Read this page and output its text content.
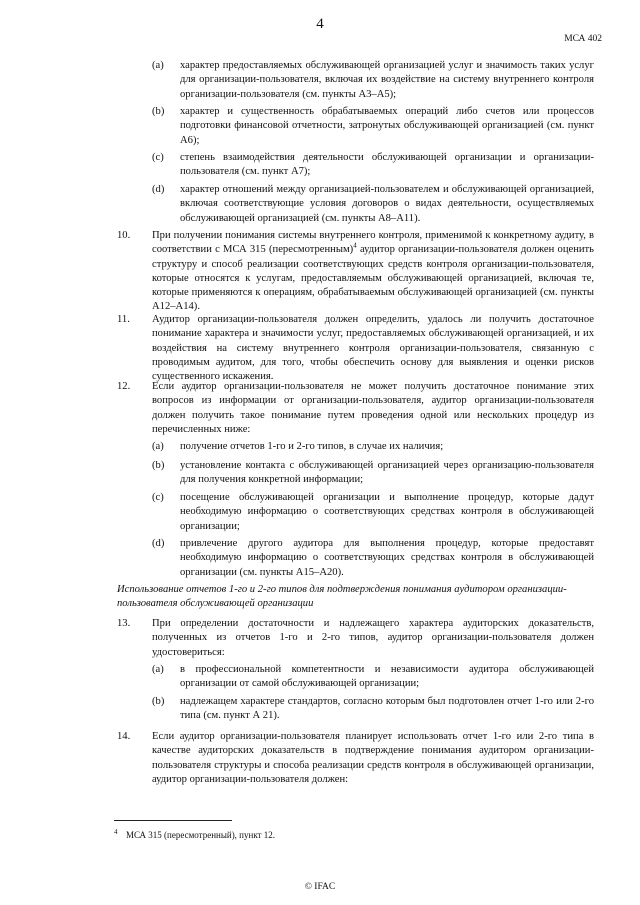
4
МСА 402
(a) характер предоставляемых обслуживающей организацией услуг и значимость таких услуг для организации-пользователя, включая их воздействие на систему внутреннего контроля организации-пользователя (см. пункты А3–А5);
(b) характер и существенность обрабатываемых операций либо счетов или процессов подготовки финансовой отчетности, затронутых обслуживающей организацией (см. пункт А6);
(c) степень взаимодействия деятельности обслуживающей организации и организации-пользователя (см. пункт А7);
(d) характер отношений между организацией-пользователем и обслуживающей организацией, включая соответствующие условия договоров о видах деятельности, осуществляемых обслуживающей организацией (см. пункты А8–А11).
10. При получении понимания системы внутреннего контроля, применимой к конкретному аудиту, в соответствии с МСА 315 (пересмотренным)$^4$ аудитор организации-пользователя должен оценить структуру и способ реализации соответствующих средств контроля организации-пользователя, которые относятся к услугам, предоставляемым обслуживающей организацией, включая те, которые применяются к операциям, обрабатываемым обслуживающей организацией (см. пункты А12–А14).
11. Аудитор организации-пользователя должен определить, удалось ли получить достаточное понимание характера и значимости услуг, предоставляемых обслуживающей организацией, и их воздействия на систему внутреннего контроля организации-пользователя, связанную с проводимым аудитом, для того, чтобы обеспечить основу для выявления и оценки рисков существенного искажения.
12. Если аудитор организации-пользователя не может получить достаточное понимание этих вопросов из информации от организации-пользователя, аудитор организации-пользователя должен получить такое понимание путем проведения одной или нескольких процедур из перечисленных ниже:
(a) получение отчетов 1-го и 2-го типов, в случае их наличия;
(b) установление контакта с обслуживающей организацией через организацию-пользователя для получения конкретной информации;
(c) посещение обслуживающей организации и выполнение процедур, которые дадут необходимую информацию о соответствующих средствах контроля в обслуживающей организации;
(d) привлечение другого аудитора для выполнения процедур, которые предоставят необходимую информацию о соответствующих средствах контроля в обслуживающей организации (см. пункты А15–А20).
Использование отчетов 1-го и 2-го типов для подтверждения понимания аудитором организации-пользователя обслуживающей организации
13. При определении достаточности и надлежащего характера аудиторских доказательств, полученных из отчетов 1-го и 2-го типов, аудитор организации-пользователя должен удостовериться:
(a) в профессиональной компетентности и независимости аудитора обслуживающей организации от самой обслуживающей организации;
(b) надлежащем характере стандартов, согласно которым был подготовлен отчет 1-го или 2-го типа (см. пункт А 21).
14. Если аудитор организации-пользователя планирует использовать отчет 1-го или 2-го типа в качестве аудиторских доказательств в подтверждение понимания аудитором организации-пользователя структуры и способа реализации средств контроля в обслуживающей организации, аудитор организации-пользователя должен:
4 МСА 315 (пересмотренный), пункт 12.
© IFAC
